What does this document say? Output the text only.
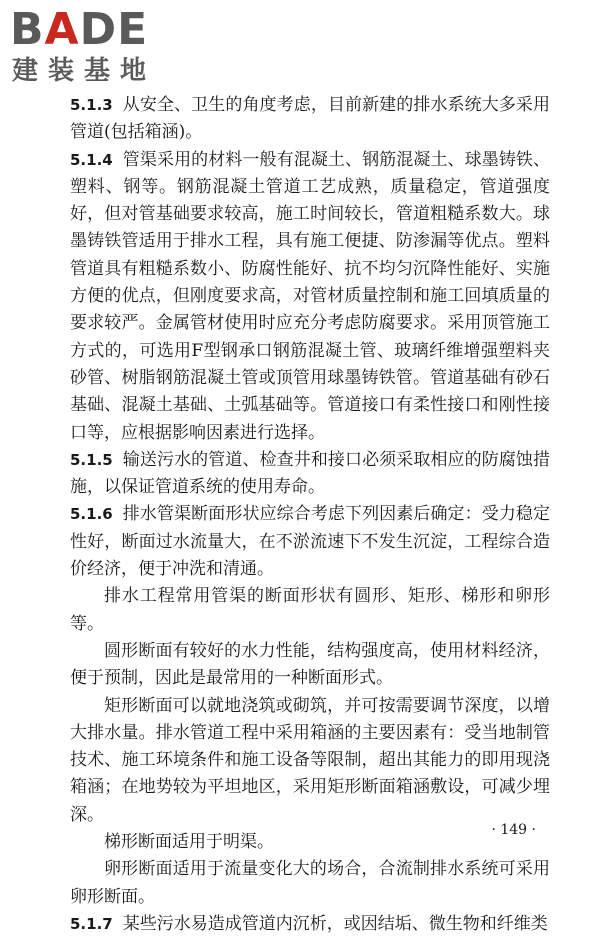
BADE
建装基地

5.1.3 从安全、卫生的角度考虑，目前新建的排水系统大多采用管道(包括箱涵)。

5.1.4 管渠采用的材料一般有混凝土、钢筋混凝土、球墨铸铁、塑料、钢等。钢筋混凝土管道工艺成熟，质量稳定，管道强度好，但对管基础要求较高，施工时间较长，管道粗糙系数大。球墨铸铁管适用于排水工程，具有施工便捷、防渗漏等优点。塑料管道具有粗糙系数小、防腐性能好、抗不均匀沉降性能好、实施方便的优点，但刚度要求高，对管材质量控制和施工回填质量的要求较严。金属管材使用时应充分考虑防腐要求。采用顶管施工方式的，可选用F型钢承口钢筋混凝土管、玻璃纤维增强塑料夹砂管、树脂钢筋混凝土管或顶管用球墨铸铁管。管道基础有砂石基础、混凝土基础、土弧基础等。管道接口有柔性接口和刚性接口等，应根据影响因素进行选择。

5.1.5 输送污水的管道、检查井和接口必须采取相应的防腐蚀措施，以保证管道系统的使用寿命。

5.1.6 排水管渠断面形状应综合考虑下列因素后确定：受力稳定性好，断面过水流量大，在不淤流速下不发生沉淀，工程综合造价经济，便于冲洗和清通。

排水工程常用管渠的断面形状有圆形、矩形、梯形和卵形等。

圆形断面有较好的水力性能，结构强度高，使用材料经济，便于预制，因此是最常用的一种断面形式。

矩形断面可以就地浇筑或砌筑，并可按需要调节深度，以增大排水量。排水管道工程中采用箱涵的主要因素有：受当地制管技术、施工环境条件和施工设备等限制，超出其能力的即用现浇箱涵；在地势较为平坦地区，采用矩形断面箱涵敷设，可减少埋深。

梯形断面适用于明渠。

卵形断面适用于流量变化大的场合，合流制排水系统可采用卵形断面。

5.1.7 某些污水易造成管道内沉析，或因结垢、微生物和纤维类

· 149 ·
